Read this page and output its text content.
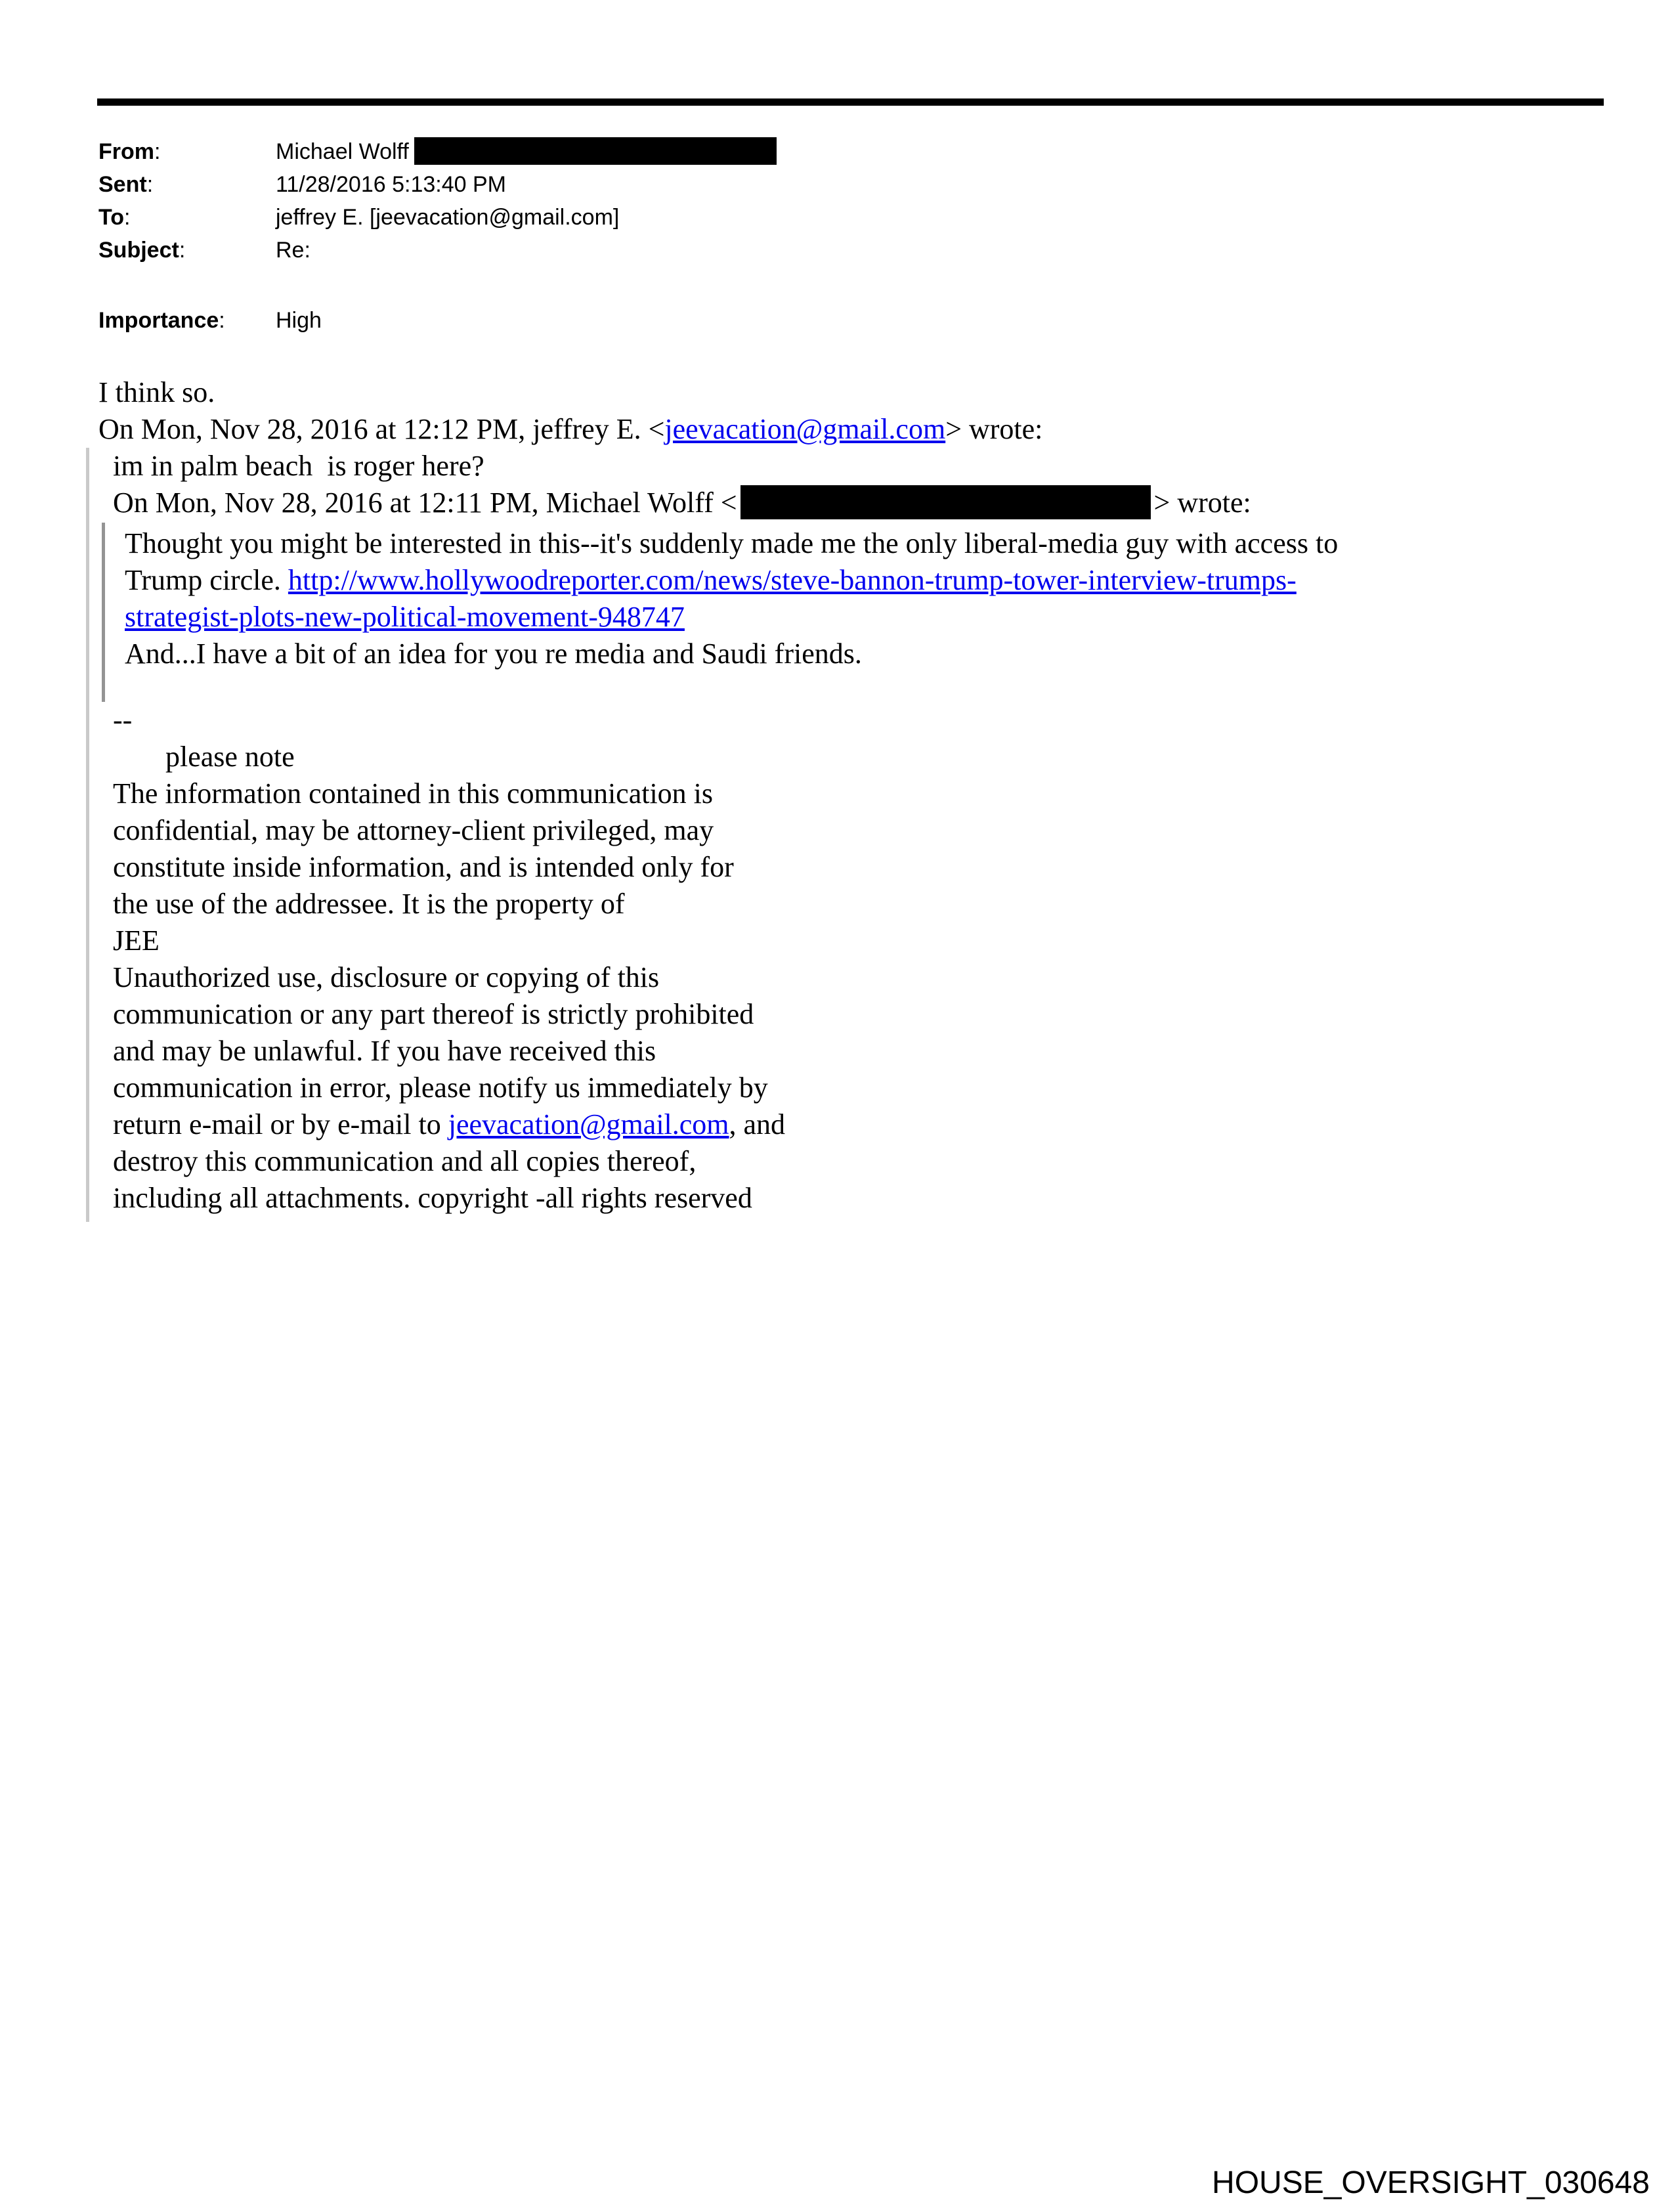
From:	Michael Wolff
Sent:	11/28/2016 5:13:40 PM
To:	jeffrey E. [jeevacation@gmail.com]
Subject:	Re:
Importance:	High

I think so.

On Mon, Nov 28, 2016 at 12:12 PM, jeffrey E. <jeevacation@gmail.com> wrote:

im in palm beach  is roger here?

On Mon, Nov 28, 2016 at 12:11 PM, Michael Wolff <	> wrote:

Thought you might be interested in this--it's suddenly made me the only liberal-media guy with access to
Trump circle. http://www.hollywoodreporter.com/news/steve-bannon-trump-tower-interview-trumps-
strategist-plots-new-political-movement-948747

And...I have a bit of an idea for you re media and Saudi friends.

--

please note

The information contained in this communication is

confidential, may be attorney-client privileged, may

constitute inside information, and is intended only for

the use of the addressee. It is the property of

JEE

Unauthorized use, disclosure or copying of this

communication or any part thereof is strictly prohibited

and may be unlawful. If you have received this

communication in error, please notify us immediately by

return e-mail or by e-mail to jeevacation@gmail.com, and

destroy this communication and all copies thereof,

including all attachments. copyright -all rights reserved

HOUSE_OVERSIGHT_030648
